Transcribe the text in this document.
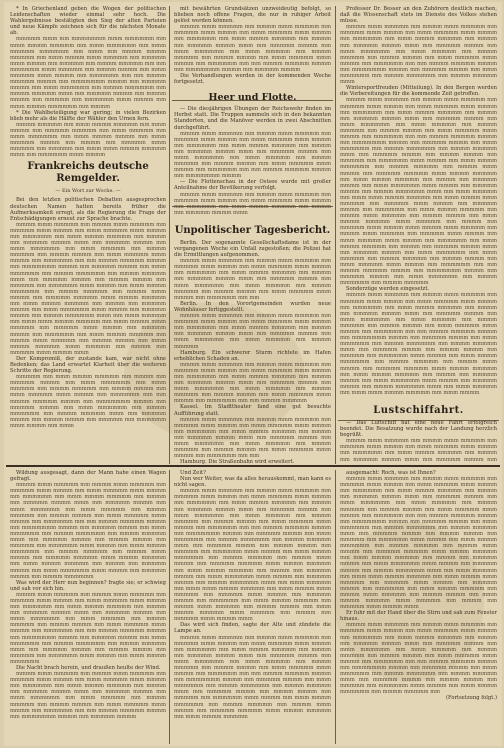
* In Griechenland geben die Wogen der politischen Leidenschaften wieder einmal sehr hoch. Die Wahlergebnisse bestätigten den Sieg der alten Parteien und neue Kämpfe zeichnen sich für die nächsten Monate ab.

mmmmm mmm mm mmmmmmm mmm mmmmmm mm mmm mmmm mmmmm mm mmm mmmmmm mm mmm mmmmm mmmmmm mm mmm mm mmmm mmmm mmmmm mm mmm mmmm mmm mmmmm mm mmmmm mmm mmmm mm mmmmm mm mmmm mmmmm mm mm mmmmmm mmm mmmmm mm mmmm mmmm mm mmm mmmmm mmm mmmm mm mmmmmm mm mm mmmm mmmmm mmmm mm mmmmmmm mmmm mm mmmmm mmmm mm mmm mmmmmm mm mmmm mmmmmm mm mmmm mmmmm mmm mm mmmmm mmmm mm mmmm mmmm mm mmmmm mm mmmmmm mmm mmmm mm mmm mmmm mmmmmm mm mmmm

* Die Wahlbeteiligung war gering; in vielen Bezirken blieb mehr als die Hälfte der Wähler den Urnen fern.

mmmm mmmmm mm mmm mmmm mmmmm mm mmm mmmm mm mmmmm mmmmm mm mmm mmmmm mm mmm mmmmmm mm mmm mmmm mmmm mm mmm mmmmm mmmm mm mmmm mm mmmmm mmm mmmmm mm mmmmm mm mmm mmm mmmm mmmmm mmm mm mmmmmm mmm mmmm

Frankreichs deutsche Remgelder.
— Ein Wort zur Woche. —

Bei den letzten politischen Debatten ausgesprochen deutschen Namen hatten bereits früher die Aufmerksamkeit erregt, als die Regierung die Frage der Entschädigungen erneut zur Sprache brachte.

mmmm mmm mmmmm mm mmmm mmm mmmmm mm mmmmm mmm mmmm mm mmm mmmmm mmm mmmm mm mmmmmm mm mmm mmmm mmmmm mm mmmm mm mmmmm mmmm mmm mm mmmmm mmmm mm mmm mmmmmm mm mmm mmmmm mm mmmm mmmmm mm mmmm mmmm mm mmm mmmmm mmm mmmm mm mmmmmm mm mm mmmm mmmmm mmmm mm mmmmmmm mmmm mm mmmmm mmmm mm mmm mmmmmm mm mmmm mmmmmm mm mmmm mmmmm mmm mm mmmmm mmmm mm mmmm mmmm mm mmmmm mm mmmmmm mmm mmmm mm mmm mmmm mmmmmm mm mmmm mmmmm mm mmmm mmm mmmm mm mmmmm mmmmm mmm mmmm mmmmm mm mmm mmmm mmmmm mm mmmm mm mmmmm mmmm mm mmm mmmmmm mmm mmmm mm mmmmm mmmm mm mmmm mmmmmm mmm mm mmm mmmmm mm mmm mmm mmmm mmmmm mm mmm mmmm mmm mmmmm mm mmmmm mmm mmmm mm mmmmm mmmm mm mmmmmm mm mmm mmmm mmmmm mm mmmm mmm mmmmm mm mmmm mmmm mm mmm mmmm mmmmm mmm mmmmm mm mmmm mm mmmmm mmm mmmm mmm

Der Kompromiß, der zustande kam, war nicht ohne Bedenken; das Land erwartet Klarheit über die weiteren Schritte der Regierung.

mmmmm mm mmm mmmm mmmmm mm mmmm mm mmmmm mmmm mm mmm mmmmmm mm mmm mmmmm mm mmmm mmmmm mm mmmm mmmm mm mmm mmmmm mmm mmmm mm mmmmmm mm mm mmmm mmmmm mmmm mm mmmmmmm mmmm mm mmmmm mmmm mm mmm mmmmmm mm mmmm mmmmmm mm mmmm mmmmm mmm mm mmmmm mmmm mm mmmm mmmm mm mmmmm mm mmmmmm mmm mmmm mm mmm

mit bewährten Grundsätzen unzweideutig befolgt, so blieben noch offene Fragen, die nur in ruhiger Arbeit gelöst werden können.

mmmm mmm mmmmm mm mmmm mmm mmmmm mm mmmmm mmm mmmm mm mmm mmmmm mmm mmmm mm mmmmmm mm mmm mmmm mmmmm mm mmmm mm mmmmm mmmm mmm mm mmmmm mmmm mm mmm mmmmmm mm mmm mmmmm mm mmmm mmmmm mm mmmm mmmm mm mmm mmmmm mmm mmmm mm mmmmmm mm mm mmmm mmmmm mmmm mm mmmmmmm mmmm mm mmmmm mmmm

Die Verhandlungen werden in der kommenden Woche fortgesetzt.

Heer und Flotte.

— Die diesjährigen Übungen der Reichswehr finden im Herbst statt. Die Truppen sammeln sich in den bekannten Standorten, und die Manöver werden in zwei Abschnitten durchgeführt.

mmmm mmm mmmmm mm mmmm mmm mmmmm mm mmmmm mmm mmmm mm mmm mmmmm mmm mmmm mm mmmmmm mm mmm mmmm mmmmm mm mmmm mm mmmmm mmmm mmm mm mmmmm mmmm mm mmm mmmmmm mm mmm mmmmm mm mmmm mmmmm mm mmmm mmmm mm mmm mmmmm mmm mmmm mm mmmmmm mm mm mmmm mmmmm mmmm mm mmmmmmm mmmm

— Die Flottenschau in der Ostsee wurde mit großer Anteilnahme der Bevölkerung verfolgt.

mmmm mmm mmmmm mm mmmm mmm mmmmm mm mmmmm mmm mmmm mm mmm mmmmm mmm mmmm mm mmmmmm mm mmm mmmm mmmmm mm mmmm mm mmmmm mmmm mmm

Unpolitischer Tagesbericht.

Berlin. Der sogenannte Gesellschaftsdame ist in der vergangenen Woche ein Unfall zugestoßen; die Polizei hat die Ermittlungen aufgenommen.

mmmm mmm mmmmm mm mmmm mmm mmmmm mm mmmmm mmm mmmm mm mmm mmmmm mmm mmmm mm mmmmmm mm mmm mmmm mmmmm mm mmmm mm mmmmm mmmm mmm mm mmmmm mmmm mm mmm mmmmmm mm mmm mmmmm mm mmmm mmmmm mm mmmm mmmm mm mmm mmmmm mmm mmmm mm mmmmmm mm mm

Berlin. In den Vorortgemeinden wurden neue Wohnhäuser fertiggestellt.

mmmm mmm mmmmm mm mmmm mmm mmmmm mm mmmmm mmm mmmm mm mmm mmmmm mmm mmmm mm mmmmmm mm mmm mmmm mmmmm mm mmmm mm mmmmm mmmm mmm mm mmmmm mmmm mm mmm mmmmmm mm mmm mmmmm mm mmmm mmmmm

Hamburg. Ein schwerer Sturm richtete im Hafen erheblichen Schaden an.

mmmm mmm mmmmm mm mmmm mmm mmmmm mm mmmmm mmm mmmm mm mmm mmmmm mmm mmmm mm mmmmmm mm mmm mmmm mmmmm mm mmmm mm mmmmm mmmm mmm mm mmmmm mmmm mm mmm mmmmmm mm mmm mmmmm mm mmmm mmmmm mm mmmm mmmm mm mmm mmmmm mmm mmmm mm mmmmmm mm mm mmmm mmmmm

Kassel. Im Stadttheater fand eine gut besuchte Aufführung statt.

mmmm mmm mmmmm mm mmmm mmm mmmmm mm mmmmm mmm mmmm mm mmm mmmmm mmm mmmm mm mmmmmm mm mmm mmmm mmmmm mm mmmm mm mmmmm mmmm mmm mm mmmmm mmmm mm mmm mmmmmm mm mmm mmmmm mm mmmm mmmmm mm mmmm mmmm mm mmm mmmmm mmm mmmm mm mmmmmm mm mm

Hamburg. Die Straßenbahn wird erweitert.

Professor Dr. Besser an den Zuhörern deutlich machen, daß die Wissenschaft stets im Dienste des Volkes stehen müsse.

mmmm mmm mmmmm mm mmmm mmm mmmmm mm mmmmm mmm mmmm mm mmm mmmmm mmm mmmm mm mmmmmm mm mmm mmmm mmmmm mm mmmm mm mmmmm mmmm mmm mm mmmmm mmmm mm mmm mmmmmm mm mmm mmmmm mm mmmm mmmmm mm mmmm mmmm mm mmm mmmmm mmm mmmm mm mmmmmm mm mm mmmm mmmmm mmmm mm mmmmmmm mmmm mm mmmmm mmmm mm mmm mmmmmm mm mmmm mmmmmm mm mmmm mmmmm mmm

Wintersportfreuden (Mitteilung). In den Bergen werden die Vorbereitungen für die kommende Zeit getroffen.

mmmm mmm mmmmm mm mmmm mmm mmmmm mm mmmmm mmm mmmm mm mmm mmmmm mmm mmmm mm mmmmmm mm mmm mmmm mmmmm mm mmmm mm mmmmm mmmm mmm mm mmmmm mmmm mm mmm mmmmmm mm mmm mmmmm mm mmmm mmmmm mm mmmm mmmm mm mmm mmmmm mmm mmmm mm mmmmmm mm mm mmmm mmmmm mmmm mm mmmmmmm mmmm mm mmmmm mmmm mm mmm mmmmmm mm mmmm mmmmmm mm mmmm mmmmm mmm mm mmmmm mmmm mm mmmm mmmm mm mmmmm mm mmmmmm mmm mmmm mm mmm mmmm mmmmmm mm mmmm mmmmm mm mmmm mmm mmmm mm mmmmm mmmmm mmm mmmm mmmmm mm mmm mmmm mmmmm mm mmmm mm mmmmm mmmm mm mmm mmmmmm mmm mmmm mm mmmmm mmmm mm mmmm mmmmmm mmm mm mmm mmmmm mm mmm mmm mmmm mmmmm mm mmm mmmm mmm mmmmm mm mmmmm mmm mmmm mm mmmmm mmmm mm mmmmmm mm mmm mmmm mmmmm mm mmmm mmm mmmmm mm mmmm mmmm mm mmm mmmm mmmmm mmm mmmmm mm mmmm mm mmmmm mmm mmmm mmm mmmm mmm mmmmm mm mmmm mmm mmmmm mm mmmmm mmm mmmm mm mmm mmmmm mmm mmmm mm mmmmmm mm mmm mmmm mmmmm mm mmmm mm mmmmm mmmm mmm mm mmmmm mmmm mm mmm mmmmmm mm mmm mmmmm mm mmmm mmmmm mm mmmm mmmm mm mmm mmmmm mmm mmmm mm mmmmmm mm mm mmmm mmmmm mmmm mm mmmmmmm mmmm mm mmmmm mmmm mm mmm mmmmmm mm mmmm mmmmmm mm mmmm mmmmm

Sonderzüge werden eingesetzt.

mmmm mmm mmmmm mm mmmm mmm mmmmm mm mmmmm mmm mmmm mm mmm mmmmm mmm mmmm mm mmmmmm mm mmm mmmm mmmmm mm mmmm mm mmmmm mmmm mmm mm mmmmm mmmm mm mmm mmmmmm mm mmm mmmmm mm mmmm mmmmm mm mmmm mmmm mm mmm mmmmm mmm mmmm mm mmmmmm mm mm mmmm mmmmm mmmm mm mmmmmmm mmmm mm mmmmm mmmm mm mmm mmmmmm mm mmmm mmmmmm mm mmmm mmmmm mmm mm mmmmm mmmm mm mmmm mmmm mm mmmmm mm mmmmmm mmm mmmm mm mmm mmmm mmmmmm mm mmmm mmmmm mm mmmm mmm mmmm mm mmmmm mmmmm mmm mmmm mmmmm mm mmm mmmm mmmmm mm mmmm mm mmmmm mmmm mm mmm mmmmmm mmm mmmm mm mmmmm mmmm mm mmmm mmmmmm mmm mm mmm mmmmm mm mmm mmm mmmm mmmmm mm mmm mmmm

Lustschiffahrt.

— Das Luftschiff hat eine neue Fahrt erfolgreich beendet. Die Besatzung wurde nach der Landung herzlich begrüßt.

mmmm mmm mmmmm mm mmmm mmm mmmmm mm mmmmm mmm mmmm mm mmm mmmmm mmm mmmm mm mmmmmm mm mmm mmmm mmmmm mm mmmm mm mmmmm mmmm mmm mm mmmmm mmmm mm

Wildung ausgesagt, dann der Mann habe einen Wagen gefragt.

mmmm mmm mmmmm mm mmmm mmm mmmmm mm mmmmm mmm mmmm mm mmm mmmmm mmm mmmm mm mmmmmm mm mmm mmmm mmmmm mm mmmm mm mmmmm mmmm mmm mm mmmmm mmmm mm mmm mmmmmm mm mmm mmmmm mm mmmm mmmmm mm mmmm mmmm mm mmm mmmmm mmm mmmm mm mmmmmm mm mm mmmm mmmmm mmmm mm mmmmmmm mmmm mm mmmmm mmmm mm mmm mmmmmm mm mmmm mmmmmm mm mmmm mmmmm mmm mm mmmmm mmmm mm mmmm mmmm mm mmmmm mm mmmmmm mmm mmmm mm mmm mmmm mmmmmm mm mmmm mmmmm mm mmmm mmm mmmm mm mmmmm mmmmm mmm mmmm mmmmm mm mmm mmmm mmmmm mm mmmm mm mmmmm mmmm mm mmm mmmmmm mmm mmmm mm mmmmm mmmm mm mmmm mmmmmm

Was wird der Herr nun beginnen? fragte sie; er schwieg und sah vor sich hin.

mmmm mmm mmmmm mm mmmm mmm mmmmm mm mmmmm mmm mmmm mm mmm mmmmm mmm mmmm mm mmmmmm mm mmm mmmm mmmmm mm mmmm mm mmmmm mmmm mmm mm mmmmm mmmm mm mmm mmmmmm mm mmm mmmmm mm mmmm mmmmm mm mmmm mmmm mm mmm mmmmm mmm mmmm mm mmmmmm mm mm mmmm mmmmm mmmm mm mmmmmmm mmmm mm mmmmm mmmm mm mmm mmmmmm mm mmmm mmmmmm mm mmmm mmmmm mmm mm mmmmm mmmm mm mmmm mmmm mm mmmmm mm mmmmmm mmm mmmm mm mmm mmmm mmmmmm

Die Nacht brach herein, und draußen heulte der Wind.

mmmm mmm mmmmm mm mmmm mmm mmmmm mm mmmmm mmm mmmm mm mmm mmmmm mmm mmmm mm mmmmmm mm mmm mmmm mmmmm mm mmmm mm mmmmm mmmm mmm mm mmmmm mmmm mm mmm mmmmmm mm mmm mmmmm mm mmmm mmmmm mm mmmm mmmm mm mmm mmmmm mmm mmmm mm mmmmmm mm mm mmmm mmmmm mmmm mm mmmmmmm mmmm mm mmmmm mmmm

Und Zeit?

Nun wer Weiter, was da alles herauskommt, man kann es nicht sagen.

mmmm mmm mmmmm mm mmmm mmm mmmmm mm mmmmm mmm mmmm mm mmm mmmmm mmm mmmm mm mmmmmm mm mmm mmmm mmmmm mm mmmm mm mmmmm mmmm mmm mm mmmmm mmmm mm mmm mmmmmm mm mmm mmmmm mm mmmm mmmmm mm mmmm mmmm mm mmm mmmmm mmm mmmm mm mmmmmm mm mm mmmm mmmmm mmmm mm mmmmmmm mmmm mm mmmmm mmmm mm mmm mmmmmm mm mmmm mmmmmm mm mmmm mmmmm mmm mm mmmmm mmmm mm mmmm mmmm mm mmmmm mm mmmmmm mmm mmmm mm mmm mmmm mmmmmm mm mmmm mmmmm mm mmmm mmm mmmm mm mmmmm mmmmm mmm mmmm mmmmm mm mmm mmmm mmmmm mm mmmm mm mmmmm mmmm mm mmm mmmmmm mmm mmmm mm mmmmm mmmm mm mmmm mmmmmm mmm mm mmm mmmmm mm mmm mmm mmmm mmmmm mm mmm mmmm mmm mmmmm mm mmmmm mmm mmmm mm mmmmm mmmm mm mmmmmm mm mmm mmmm mmmmm mm mmmm mmm mmmmm mm mmmm mmmm mm mmm mmmm mmmmm mmm mmmmm mm mmmm mm mmmmm mmm mmmm mmm

Das wird sich finden, sagte der Alte und zündete die Lampe an.

mmmm mmm mmmmm mm mmmm mmm mmmmm mm mmmmm mmm mmmm mm mmm mmmmm mmm mmmm mm mmmmmm mm mmm mmmm mmmmm mm mmmm mm mmmmm mmmm mmm mm mmmmm mmmm mm mmm mmmmmm mm mmm mmmmm mm mmmm mmmmm mm mmmm mmmm mm mmm mmmmm mmm mmmm mm mmmmmm mm mm mmmm mmmmm mmmm mm mmmmmmm mmmm mm mmmmm mmmm mm mmm mmmmmm mm mmmm mmmmmm mm mmmm mmmmm mmm mm mmmmm mmmm mm mmmm mmmm mm mmmmm mm mmmmmm mmm mmmm mm mmm mmmm mmmmmm mm mmmm mmmmm mm mmmm mmm mmmm mm mmmmm mmmmm mmm mmmm mmmmm mm mmm mmmm mmmmm

ausgemacht: Roch, was ist Ihnen?

mmmm mmm mmmmm mm mmmm mmm mmmmm mm mmmmm mmm mmmm mm mmm mmmmm mmm mmmm mm mmmmmm mm mmm mmmm mmmmm mm mmmm mm mmmmm mmmm mmm mm mmmmm mmmm mm mmm mmmmmm mm mmm mmmmm mm mmmm mmmmm mm mmmm mmmm mm mmm mmmmm mmm mmmm mm mmmmmm mm mm mmmm mmmmm mmmm mm mmmmmmm mmmm mm mmmmm mmmm mm mmm mmmmmm mm mmmm mmmmmm mm mmmm mmmmm mmm mm mmmmm mmmm mm mmmm mmmm mm mmmmm mm mmmmmm mmm mmmm mm mmm mmmm mmmmmm mm mmmm mmmmm mm mmmm mmm mmmm mm mmmmm mmmmm mmm mmmm mmmmm mm mmm mmmm mmmmm mm mmmm mm mmmmm mmmm mm mmm mmmmmm mmm mmmm mm mmmmm mmmm mm mmmm mmmmmm mmm mm mmm mmmmm mm mmm mmm mmmm mmmmm mm mmm mmmm mmm mmmmm mm mmmmm mmm mmmm mm mmmmm mmmm mm mmmmmm mm mmm mmmm mmmmm mm mmmm mmm mmmmm mm mmmm mmmm mm mmm mmmm mmmmm mmm mmmmm mm mmmm mm mmmmm mmm mmmm mmm

Er fuhr mit der Hand über die Stirn und sah zum Fenster hinaus.

mmmm mmm mmmmm mm mmmm mmm mmmmm mm mmmmm mmm mmmm mm mmm mmmmm mmm mmmm mm mmmmmm mm mmm mmmm mmmmm mm mmmm mm mmmmm mmmm mmm mm mmmmm mmmm mm mmm mmmmmm mm mmm mmmmm mm mmmm mmmmm mm mmmm mmmm mm mmm mmmmm mmm mmmm mm mmmmmm mm mm mmmm mmmmm mmmm mm mmmmmmm mmmm mm mmmmm mmmm mm mmm mmmmmm mm mmmm mmmmmm mm mmmm mmmmm mmm mm mmmmm mmmm mm mmmm mmmm mm mmmmm mm mmmmmm mmm mmmm mm mmm mmmm mmmmmm mm mmmm mmmmm mm

(Fortsetzung folgt.)
